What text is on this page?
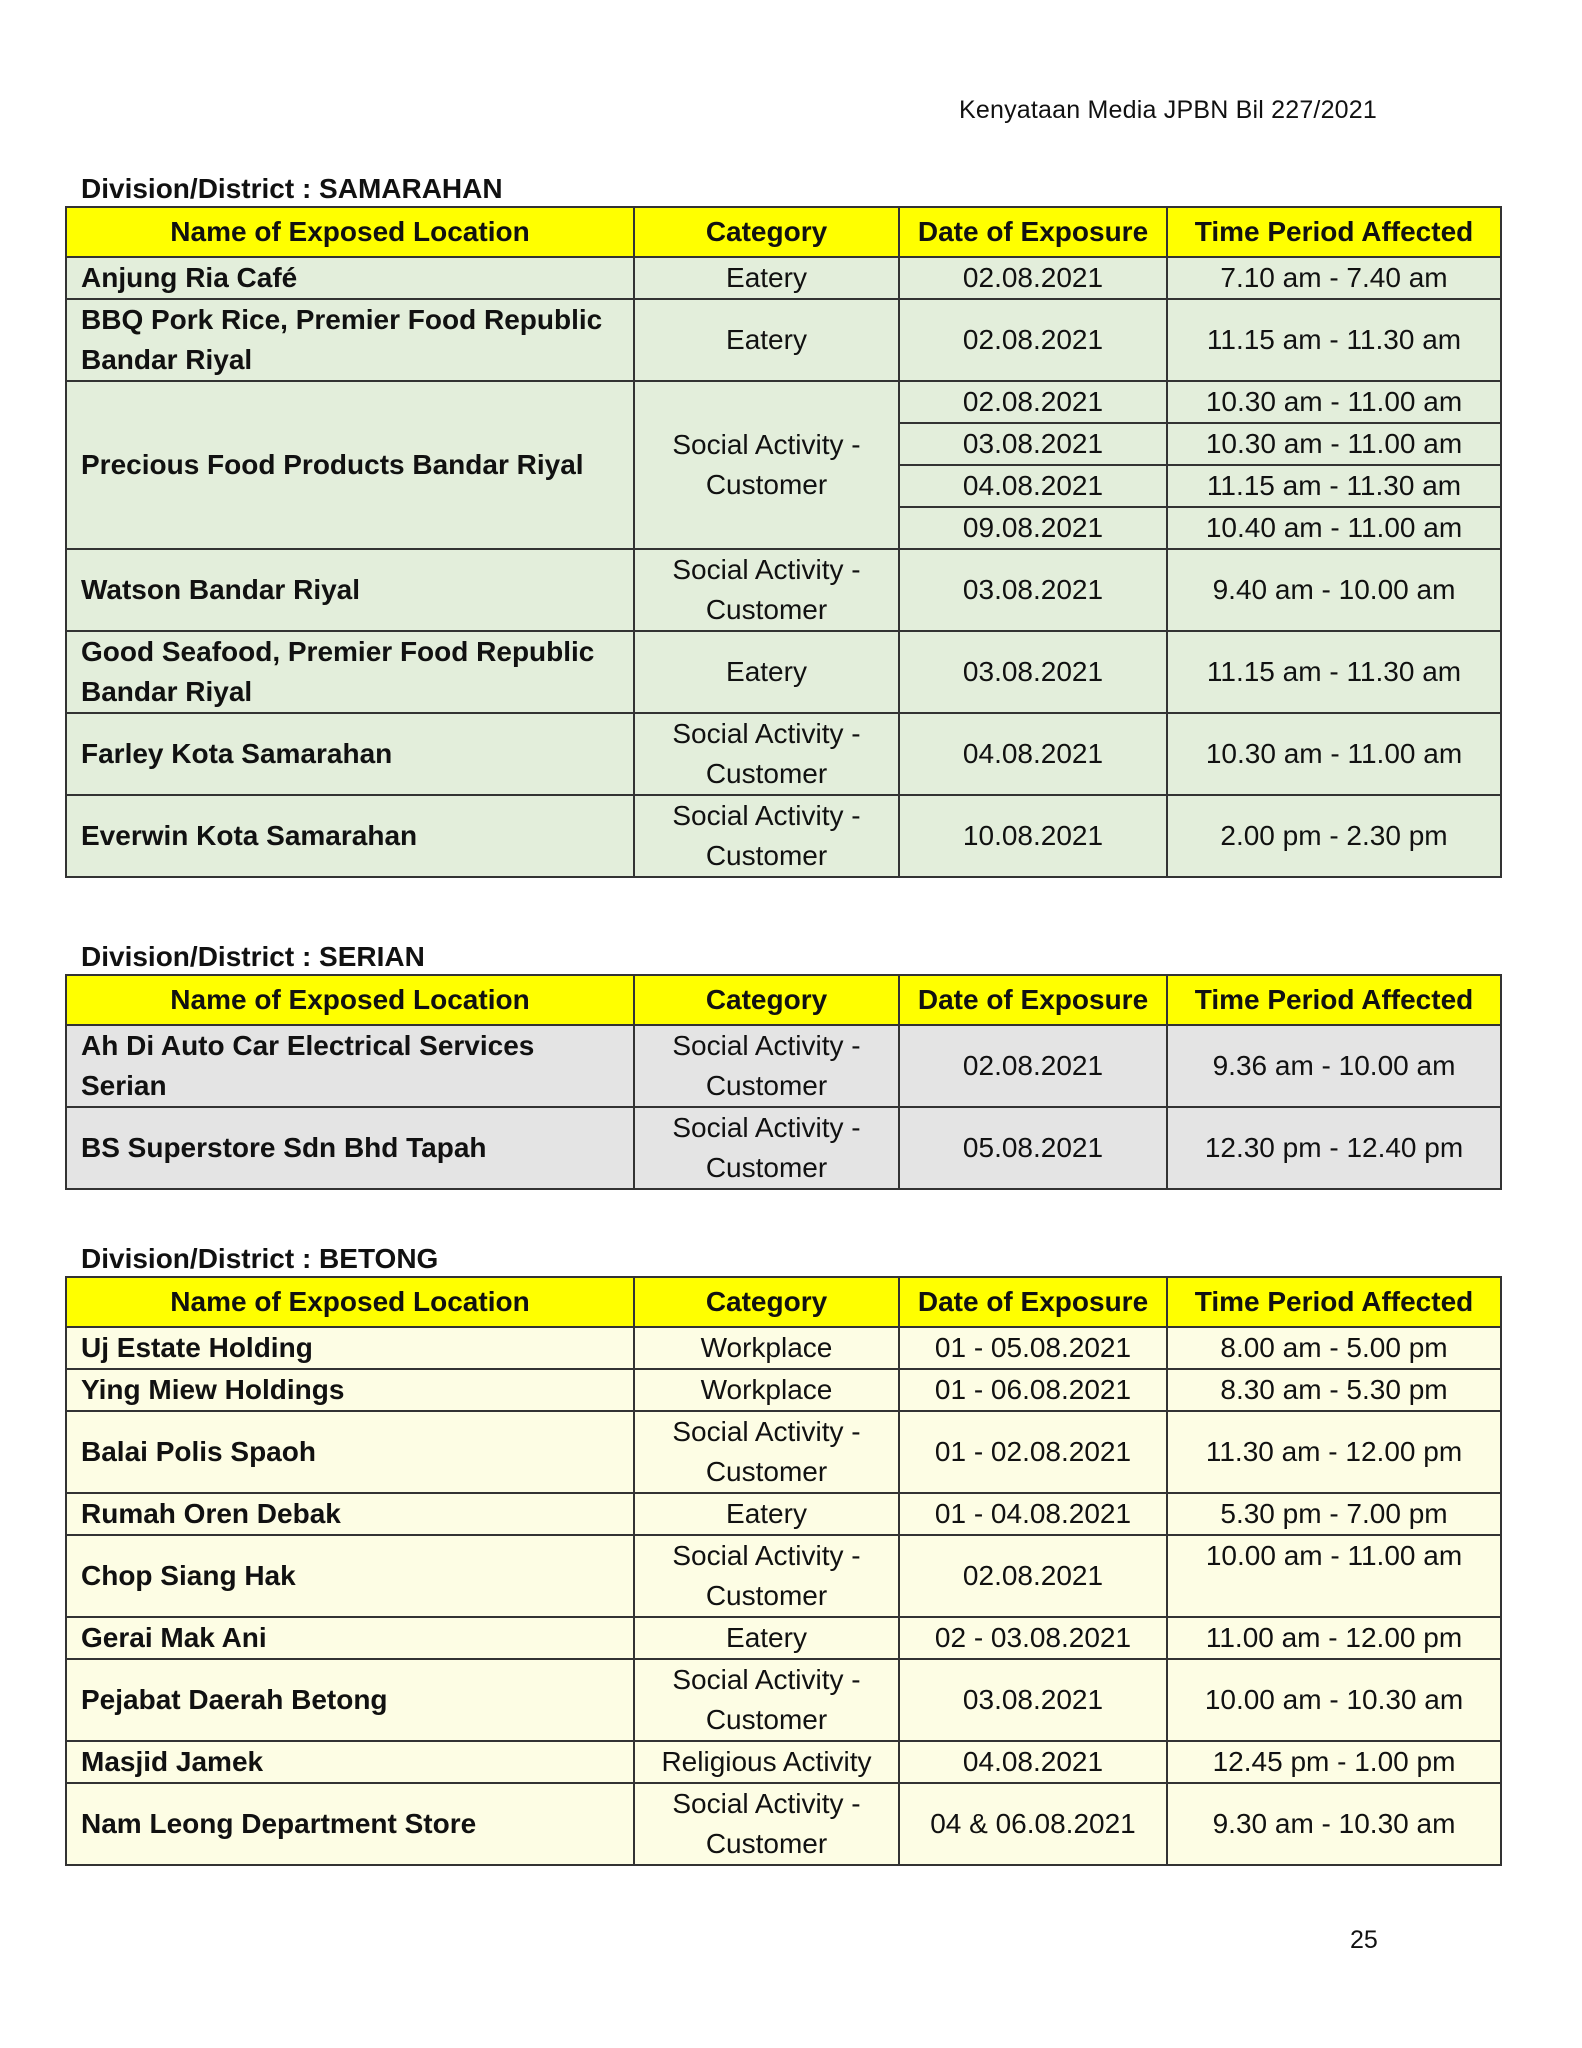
Kenyataan Media JPBN Bil 227/2021
Division/District : SAMARAHAN
Name of Exposed Location	Category	Date of Exposure	Time Period Affected
Anjung Ria Café	Eatery	02.08.2021	7.10 am - 7.40 am
BBQ Pork Rice, Premier Food Republic Bandar Riyal	Eatery	02.08.2021	11.15 am - 11.30 am
Precious Food Products Bandar Riyal	Social Activity - Customer	02.08.2021	10.30 am - 11.00 am
		03.08.2021	10.30 am - 11.00 am
		04.08.2021	11.15 am - 11.30 am
		09.08.2021	10.40 am - 11.00 am
Watson Bandar Riyal	Social Activity - Customer	03.08.2021	9.40 am - 10.00 am
Good Seafood, Premier Food Republic Bandar Riyal	Eatery	03.08.2021	11.15 am - 11.30 am
Farley Kota Samarahan	Social Activity - Customer	04.08.2021	10.30 am - 11.00 am
Everwin Kota Samarahan	Social Activity - Customer	10.08.2021	2.00 pm - 2.30 pm
Division/District : SERIAN
Name of Exposed Location	Category	Date of Exposure	Time Period Affected
Ah Di Auto Car Electrical Services Serian	Social Activity - Customer	02.08.2021	9.36 am - 10.00 am
BS Superstore Sdn Bhd Tapah	Social Activity - Customer	05.08.2021	12.30 pm - 12.40 pm
Division/District : BETONG
Name of Exposed Location	Category	Date of Exposure	Time Period Affected
Uj Estate Holding	Workplace	01 - 05.08.2021	8.00 am - 5.00 pm
Ying Miew Holdings	Workplace	01 - 06.08.2021	8.30 am - 5.30 pm
Balai Polis Spaoh	Social Activity - Customer	01 - 02.08.2021	11.30 am - 12.00 pm
Rumah Oren Debak	Eatery	01 - 04.08.2021	5.30 pm - 7.00 pm
Chop Siang Hak	Social Activity - Customer	02.08.2021	10.00 am - 11.00 am
Gerai Mak Ani	Eatery	02 - 03.08.2021	11.00 am - 12.00 pm
Pejabat Daerah Betong	Social Activity - Customer	03.08.2021	10.00 am - 10.30 am
Masjid Jamek	Religious Activity	04.08.2021	12.45 pm - 1.00 pm
Nam Leong Department Store	Social Activity - Customer	04 & 06.08.2021	9.30 am - 10.30 am
25
